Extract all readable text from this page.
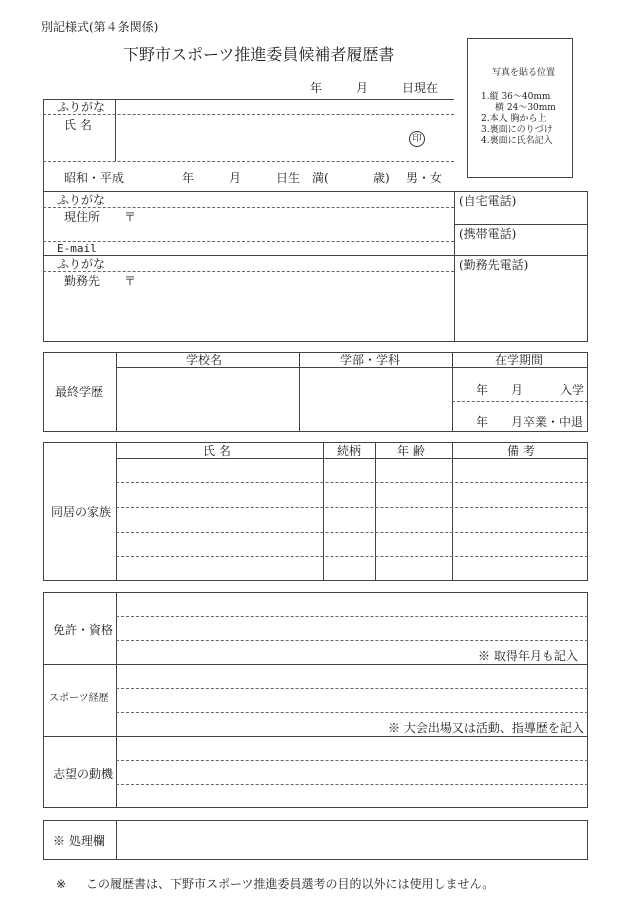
別記様式(第４条関係)
下野市スポーツ推進委員候補者履歴書
年	月	日現在
写真を貼る位置
1.縦 36～40mm
横 24～30mm
2.本人 胸から上
3.裏面にのりづけ
4.裏面に氏名記入
ふりがな
氏 名
印
昭和・平成	年	月	日生 満(	歳) 男・女
ふりがな
現住所 〒
(自宅電話)
(携帯電話)
E-mail
ふりがな	(勤務先電話)
勤務先 〒
最終学歴
学校名	学部・学科	在学期間
年 月	入学
年 月卒業・中退
同居の家族
氏 名	続柄	年 齢	備 考
免許・資格
※ 取得年月も記入
スポーツ経歴
※ 大会出場又は活動、指導歴を記入
志望の動機
※ 処理欄
※ この履歴書は、下野市スポーツ推進委員選考の目的以外には使用しません。
